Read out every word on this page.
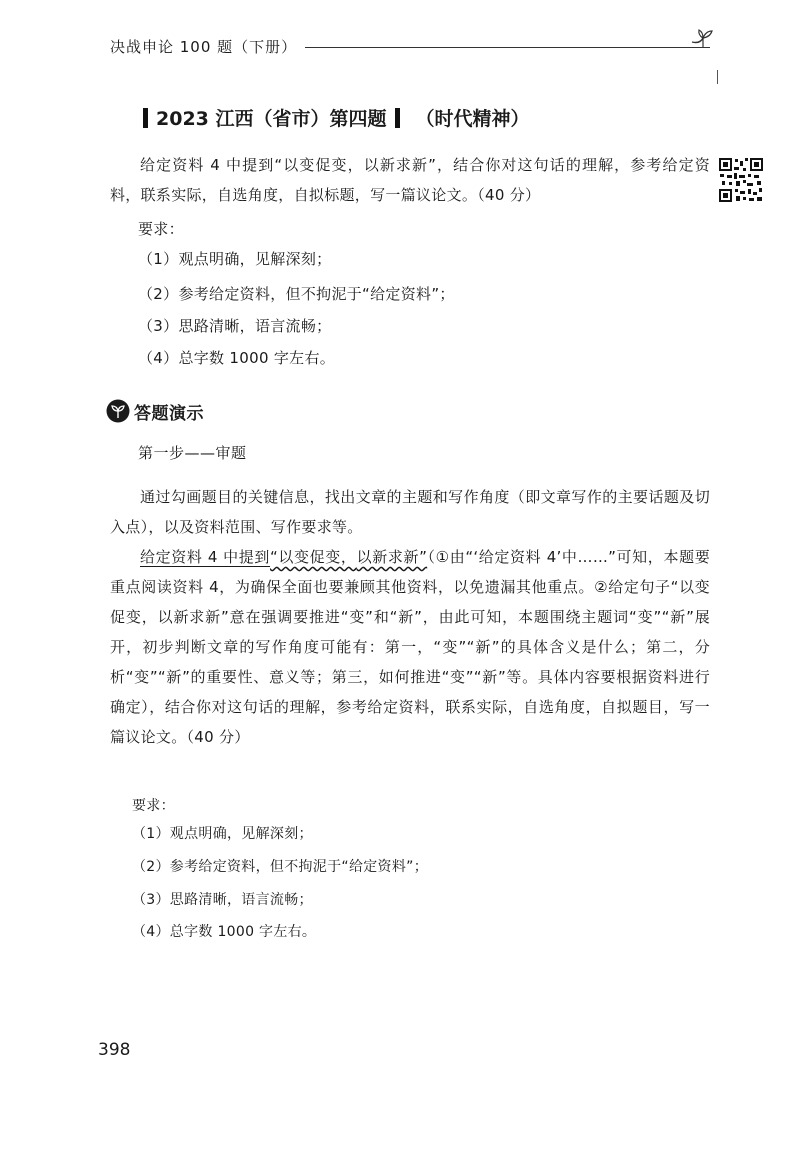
决战申论 100 题（下册）
2023 江西（省市）第四题 （时代精神）

给定资料 4 中提到“以变促变，以新求新”，结合你对这句话的理解，参考给定资料，联系实际，自选角度，自拟标题，写一篇议论文。（40 分）

要求：
（1）观点明确，见解深刻；
（2）参考给定资料，但不拘泥于“给定资料”；
（3）思路清晰，语言流畅；
（4）总字数 1000 字左右。
答题演示
第一步——审题

通过勾画题目的关键信息，找出文章的主题和写作角度（即文章写作的主要话题及切入点），以及资料范围、写作要求等。

给定资料 4 中提到“以变促变，以新求新”（①由“‘给定资料 4’中……”可知，本题要重点阅读资料 4，为确保全面也要兼顾其他资料，以免遗漏其他重点。②给定句子“以变促变，以新求新”意在强调要推进“变”和“新”，由此可知，本题围绕主题词“变”“新”展开，初步判断文章的写作角度可能有：第一，“变”“新”的具体含义是什么；第二，分析“变”“新”的重要性、意义等；第三，如何推进“变”“新”等。具体内容要根据资料进行确定），结合你对这句话的理解，参考给定资料，联系实际，自选角度，自拟题目，写一篇议论文。（40 分）

要求：
（1）观点明确，见解深刻；
（2）参考给定资料，但不拘泥于“给定资料”；
（3）思路清晰，语言流畅；
（4）总字数 1000 字左右。
398
